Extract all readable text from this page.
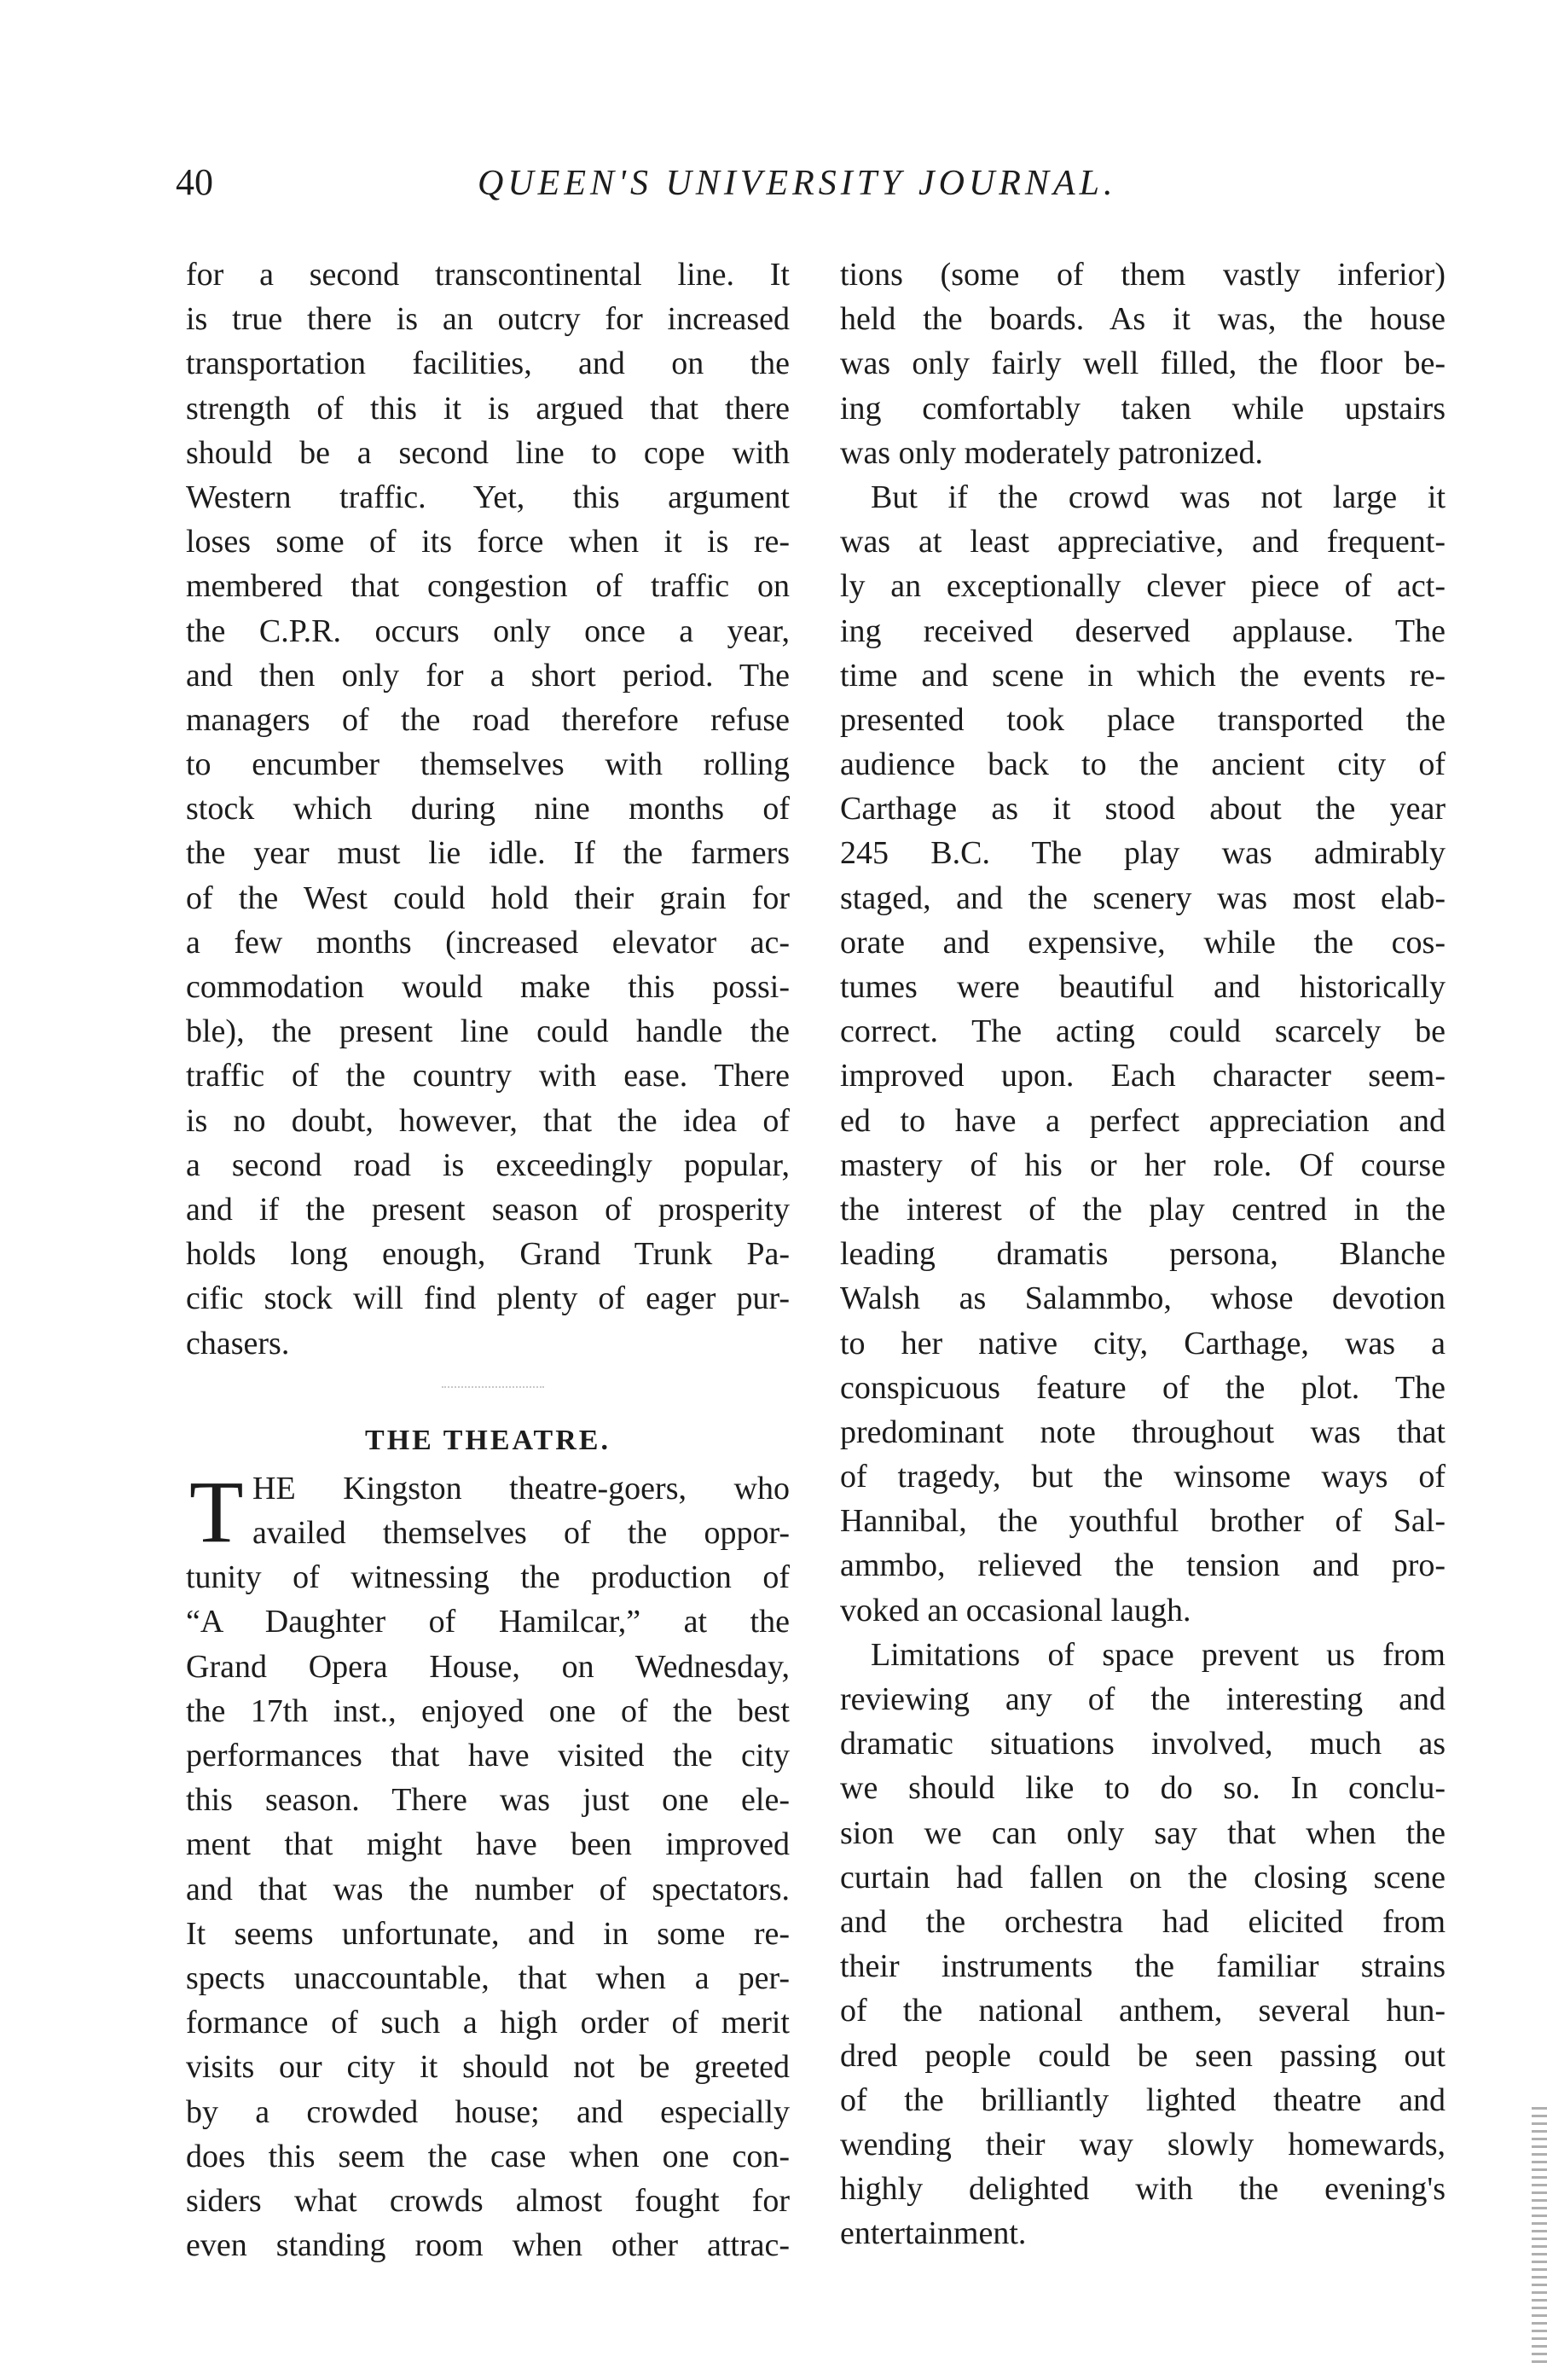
40	QUEEN'S UNIVERSITY JOURNAL.
for a second transcontinental line. It
is true there is an outcry for increased
transportation facilities, and on the
strength of this it is argued that there
should be a second line to cope with
Western traffic. Yet, this argument
loses some of its force when it is re-
membered that congestion of traffic on
the C.P.R. occurs only once a year,
and then only for a short period. The
managers of the road therefore refuse
to encumber themselves with rolling
stock which during nine months of
the year must lie idle. If the farmers
of the West could hold their grain for
a few months (increased elevator ac-
commodation would make this possi-
ble), the present line could handle the
traffic of the country with ease. There
is no doubt, however, that the idea of
a second road is exceedingly popular,
and if the present season of prosperity
holds long enough, Grand Trunk Pa-
cific stock will find plenty of eager pur-
chasers.
THE THEATRE.
T HE Kingston theatre-goers, who
availed themselves of the oppor-
tunity of witnessing the production of
“A Daughter of Hamilcar,” at the
Grand Opera House, on Wednesday,
the 17th inst., enjoyed one of the best
performances that have visited the city
this season. There was just one ele-
ment that might have been improved
and that was the number of spectators.
It seems unfortunate, and in some re-
spects unaccountable, that when a per-
formance of such a high order of merit
visits our city it should not be greeted
by a crowded house; and especially
does this seem the case when one con-
siders what crowds almost fought for
even standing room when other attrac-
tions (some of them vastly inferior)
held the boards. As it was, the house
was only fairly well filled, the floor be-
ing comfortably taken while upstairs
was only moderately patronized.
But if the crowd was not large it
was at least appreciative, and frequent-
ly an exceptionally clever piece of act-
ing received deserved applause. The
time and scene in which the events re-
presented took place transported the
audience back to the ancient city of
Carthage as it stood about the year
245 B.C. The play was admirably
staged, and the scenery was most elab-
orate and expensive, while the cos-
tumes were beautiful and historically
correct. The acting could scarcely be
improved upon. Each character seem-
ed to have a perfect appreciation and
mastery of his or her role. Of course
the interest of the play centred in the
leading dramatis persona, Blanche
Walsh as Salammbo, whose devotion
to her native city, Carthage, was a
conspicuous feature of the plot. The
predominant note throughout was that
of tragedy, but the winsome ways of
Hannibal, the youthful brother of Sal-
ammbo, relieved the tension and pro-
voked an occasional laugh.
Limitations of space prevent us from
reviewing any of the interesting and
dramatic situations involved, much as
we should like to do so. In conclu-
sion we can only say that when the
curtain had fallen on the closing scene
and the orchestra had elicited from
their instruments the familiar strains
of the national anthem, several hun-
dred people could be seen passing out
of the brilliantly lighted theatre and
wending their way slowly homewards,
highly delighted with the evening's
entertainment.
